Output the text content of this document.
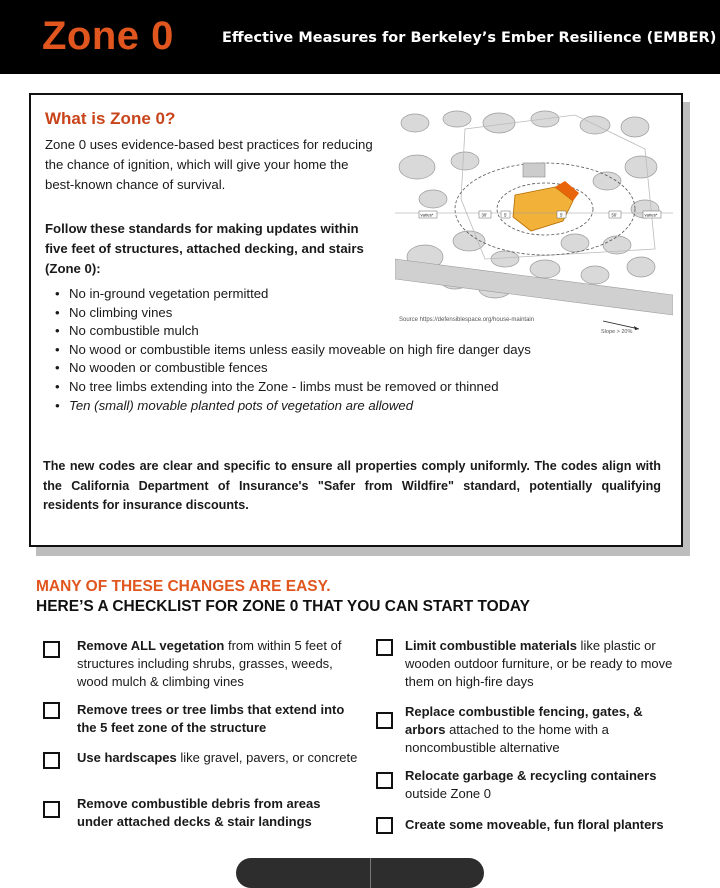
Zone 0	Effective Measures for Berkeley’s Ember Resilience (EMBER)
What is Zone 0?
Zone 0 uses evidence-based best practices for reducing the chance of ignition, which will give your home the best-known chance of survival.
Follow these standards for making updates within five feet of structures, attached decking, and stairs (Zone 0):
• No in-ground vegetation permitted
• No climbing vines
• No combustible mulch
• No wood or combustible items unless easily moveable on high fire danger days
• No wooden or combustible fences
• No tree limbs extending into the Zone - limbs must be removed or thinned
• Ten (small) movable planted pots of vegetation are allowed
The new codes are clear and specific to ensure all properties comply uniformly. The codes align with the California Department of Insurance's "Safer from Wildfire" standard, potentially qualifying residents for insurance discounts.
varies*	30'	5'	5'	50'	varies*
Source https://defensiblespace.org/house-maintain
Slope > 20%
MANY OF THESE CHANGES ARE EASY.
HERE’S A CHECKLIST FOR ZONE 0 THAT YOU CAN START TODAY
Remove ALL vegetation from within 5 feet of structures including shrubs, grasses, weeds, wood mulch & climbing vines
Remove trees or tree limbs that extend into the 5 feet zone of the structure
Use hardscapes like gravel, pavers, or concrete
Remove combustible debris from areas under attached decks & stair landings
Limit combustible materials like plastic or wooden outdoor furniture, or be ready to move them on high-fire days
Replace combustible fencing, gates, & arbors attached to the home with a noncombustible alternative
Relocate garbage & recycling containers outside Zone 0
Create some moveable, fun floral planters
